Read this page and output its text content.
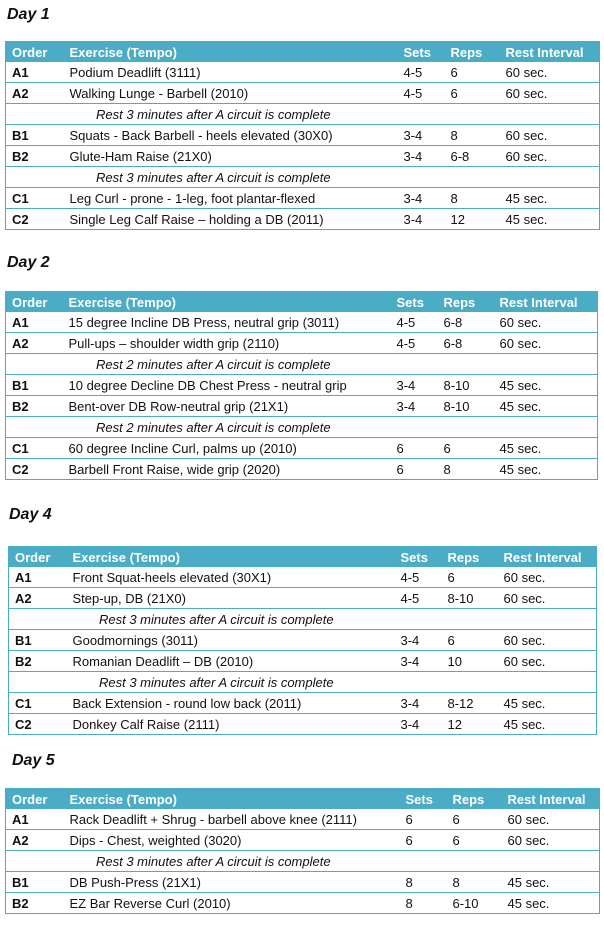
Day 1
Order	Exercise (Tempo)	Sets	Reps	Rest Interval
A1	Podium Deadlift (3111)	4-5	6	60 sec.
A2	Walking Lunge - Barbell (2010)	4-5	6	60 sec.
Rest 3 minutes after A circuit is complete				
B1	Squats - Back Barbell - heels elevated (30X0)	3-4	8	60 sec.
B2	Glute-Ham Raise (21X0)	3-4	6-8	60 sec.
Rest 3 minutes after A circuit is complete				
C1	Leg Curl - prone - 1-leg, foot plantar-flexed	3-4	8	45 sec.
C2	Single Leg Calf Raise – holding a DB (2011)	3-4	12	45 sec.
Day 2
Order	Exercise (Tempo)	Sets	Reps	Rest Interval
A1	15 degree Incline DB Press, neutral grip (3011)	4-5	6-8	60 sec.
A2	Pull-ups – shoulder width grip (2110)	4-5	6-8	60 sec.
Rest 2 minutes after A circuit is complete				
B1	10 degree Decline DB Chest Press - neutral grip	3-4	8-10	45 sec.
B2	Bent-over DB Row-neutral grip (21X1)	3-4	8-10	45 sec.
Rest 2 minutes after A circuit is complete				
C1	60 degree Incline Curl, palms up (2010)	6	6	45 sec.
C2	Barbell Front Raise, wide grip (2020)	6	8	45 sec.
Day 4
Order	Exercise (Tempo)	Sets	Reps	Rest Interval
A1	Front Squat-heels elevated (30X1)	4-5	6	60 sec.
A2	Step-up, DB (21X0)	4-5	8-10	60 sec.
Rest 3 minutes after A circuit is complete				
B1	Goodmornings (3011)	3-4	6	60 sec.
B2	Romanian Deadlift – DB (2010)	3-4	10	60 sec.
Rest 3 minutes after A circuit is complete				
C1	Back Extension - round low back (2011)	3-4	8-12	45 sec.
C2	Donkey Calf Raise (2111)	3-4	12	45 sec.
Day 5
Order	Exercise (Tempo)	Sets	Reps	Rest Interval
A1	Rack Deadlift + Shrug - barbell above knee (2111)	6	6	60 sec.
A2	Dips - Chest, weighted (3020)	6	6	60 sec.
Rest 3 minutes after A circuit is complete				
B1	DB Push-Press (21X1)	8	8	45 sec.
B2	EZ Bar Reverse Curl (2010)	8	6-10	45 sec.
